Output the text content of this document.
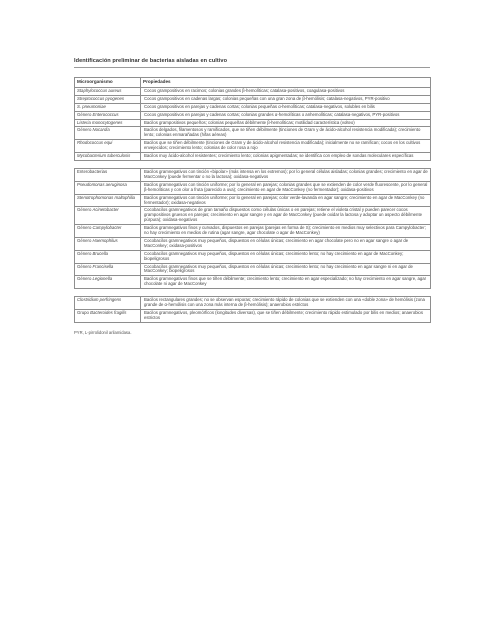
Identificación preliminar de bacterias aisladas en cultivo
Microorganismo	Propiedades
Staphylococcus aureus	Cocos grampositivos en racimos; colonias grandes β-hemolíticas; catalasa-positivos, coagulasa-positivos
Streptococcus pyogenes	Cocos grampositivos en cadenas largas; colonias pequeñas con una gran zona de β-hemólisis; catalasa-negativos, PYR-positivo
S. pneumoniae	Cocos grampositivos en parejas y cadenas cortas; colonias pequeñas α-hemolíticas; catalasa-negativos, solubles en bilis
Género Enterococcus	Cocos grampositivos en parejas y cadenas cortas; colonias grandes α-hemolíticas o anhemolíticas; catalasa-negativos, PYR-positivos
Listeria monocytogenes	Bacilos grampositivos pequeños; colonias pequeñas débilmente β-hemolíticas; motilidad característica (volteo)
Género Nocardia	Bacilos delgados, filamentosos y ramificados, que se tiñen débilmente (tinciones de Gram y de ácido-alcohol resistencia modificada); crecimiento lento; colonias enmarañadas (hifas aéreas)
Rhodococcus equi	Bacilos que se tiñen débilmente (tinciones de Gram y de ácido-alcohol resistencia modificada); inicialmente no se ramifican; cocos en los cultivos envejecidos; crecimiento lento; colonias de color rosa a rojo
Mycobacterium tuberculosis	Bacilos muy ácido-alcohol resistentes; crecimiento lento; colonias apigmentadas; se identifica con empleo de sondas moleculares específicas
Enterobacterias	Bacilos gramnegativos con tinción «bipolar» (más intensa en los extremos); por lo general células aisladas; colonias grandes; crecimiento en agar de MacConkey (puede fermentar o no la lactosa); oxidasa-negativos
Pseudomonas aeruginosa	Bacilos gramnegativos con tinción uniforme; por lo general en parejas; colonias grandes que se extienden de color verde fluorescente, por lo general β-hemolíticas y con olor a fruta (parecido a uva); crecimiento en agar de MacConkey (no fermentador); oxidasa-positivos
Stenotrophomonas maltophilia	Bacilos gramnegativos con tinción uniforme; por lo general en parejas; color verde-lavanda en agar sangre; crecimiento en agar de MacConkey (no fermentador); oxidasa-negativos
Género Acinetobacter	Cocobacilos gramnegativos de gran tamaño dispuestos como células únicas o en parejas; retiene el violeta cristal y pueden parecer cocos grampositivos gruesos en parejas; crecimiento en agar sangre y en agar de MacConkey (puede oxidar la lactosa y adoptar un aspecto débilmente púrpura); oxidasa-negativos
Género Campylobacter	Bacilos gramnegativos finos y curvados, dispuestos en parejas (parejas en forma de S); crecimiento en medios muy selectivos para Campylobacter; no hay crecimiento en medios de rutina (agar sangre, agar chocolate o agar de MacConkey)
Género Haemophilus	Cocobacilos gramnegativos muy pequeños, dispuestos en células únicas; crecimiento en agar chocolate pero no en agar sangre o agar de MacConkey; oxidasa-positivos
Género Brucella	Cocobacilos gramnegativos muy pequeños, dispuestos en células únicas; crecimiento lento; no hay crecimiento en agar de MacConkey; biopeligrosos
Género Francisella	Cocobacilos gramnegativos muy pequeños, dispuestos en células únicas; crecimiento lento; no hay crecimiento en agar sangre ni en agar de MacConkey; biopeligrosos
Género Legionella	Bacilos gramnegativos finos que se tiñen débilmente; crecimiento lento; crecimiento en agar especializado; no hay crecimiento en agar sangre, agar chocolate ni agar de MacConkey
Clostridium perfringens	Bacilos rectangulares grandes; no se observan esporas; crecimiento rápido de colonias que se extienden con una «doble zona» de hemólisis (zona grande de α-hemólisis con una zona más interna de β-hemólisis); anaerobios estrictos
Grupo Bacteroides fragilis	Bacilos gramnegativos, pleomórficos (longitudes diversas), que se tiñen débilmente; crecimiento rápido estimulado por bilis en medios; anaerobios estrictos
PYR, L-pirrolidonil arilamidasa.
